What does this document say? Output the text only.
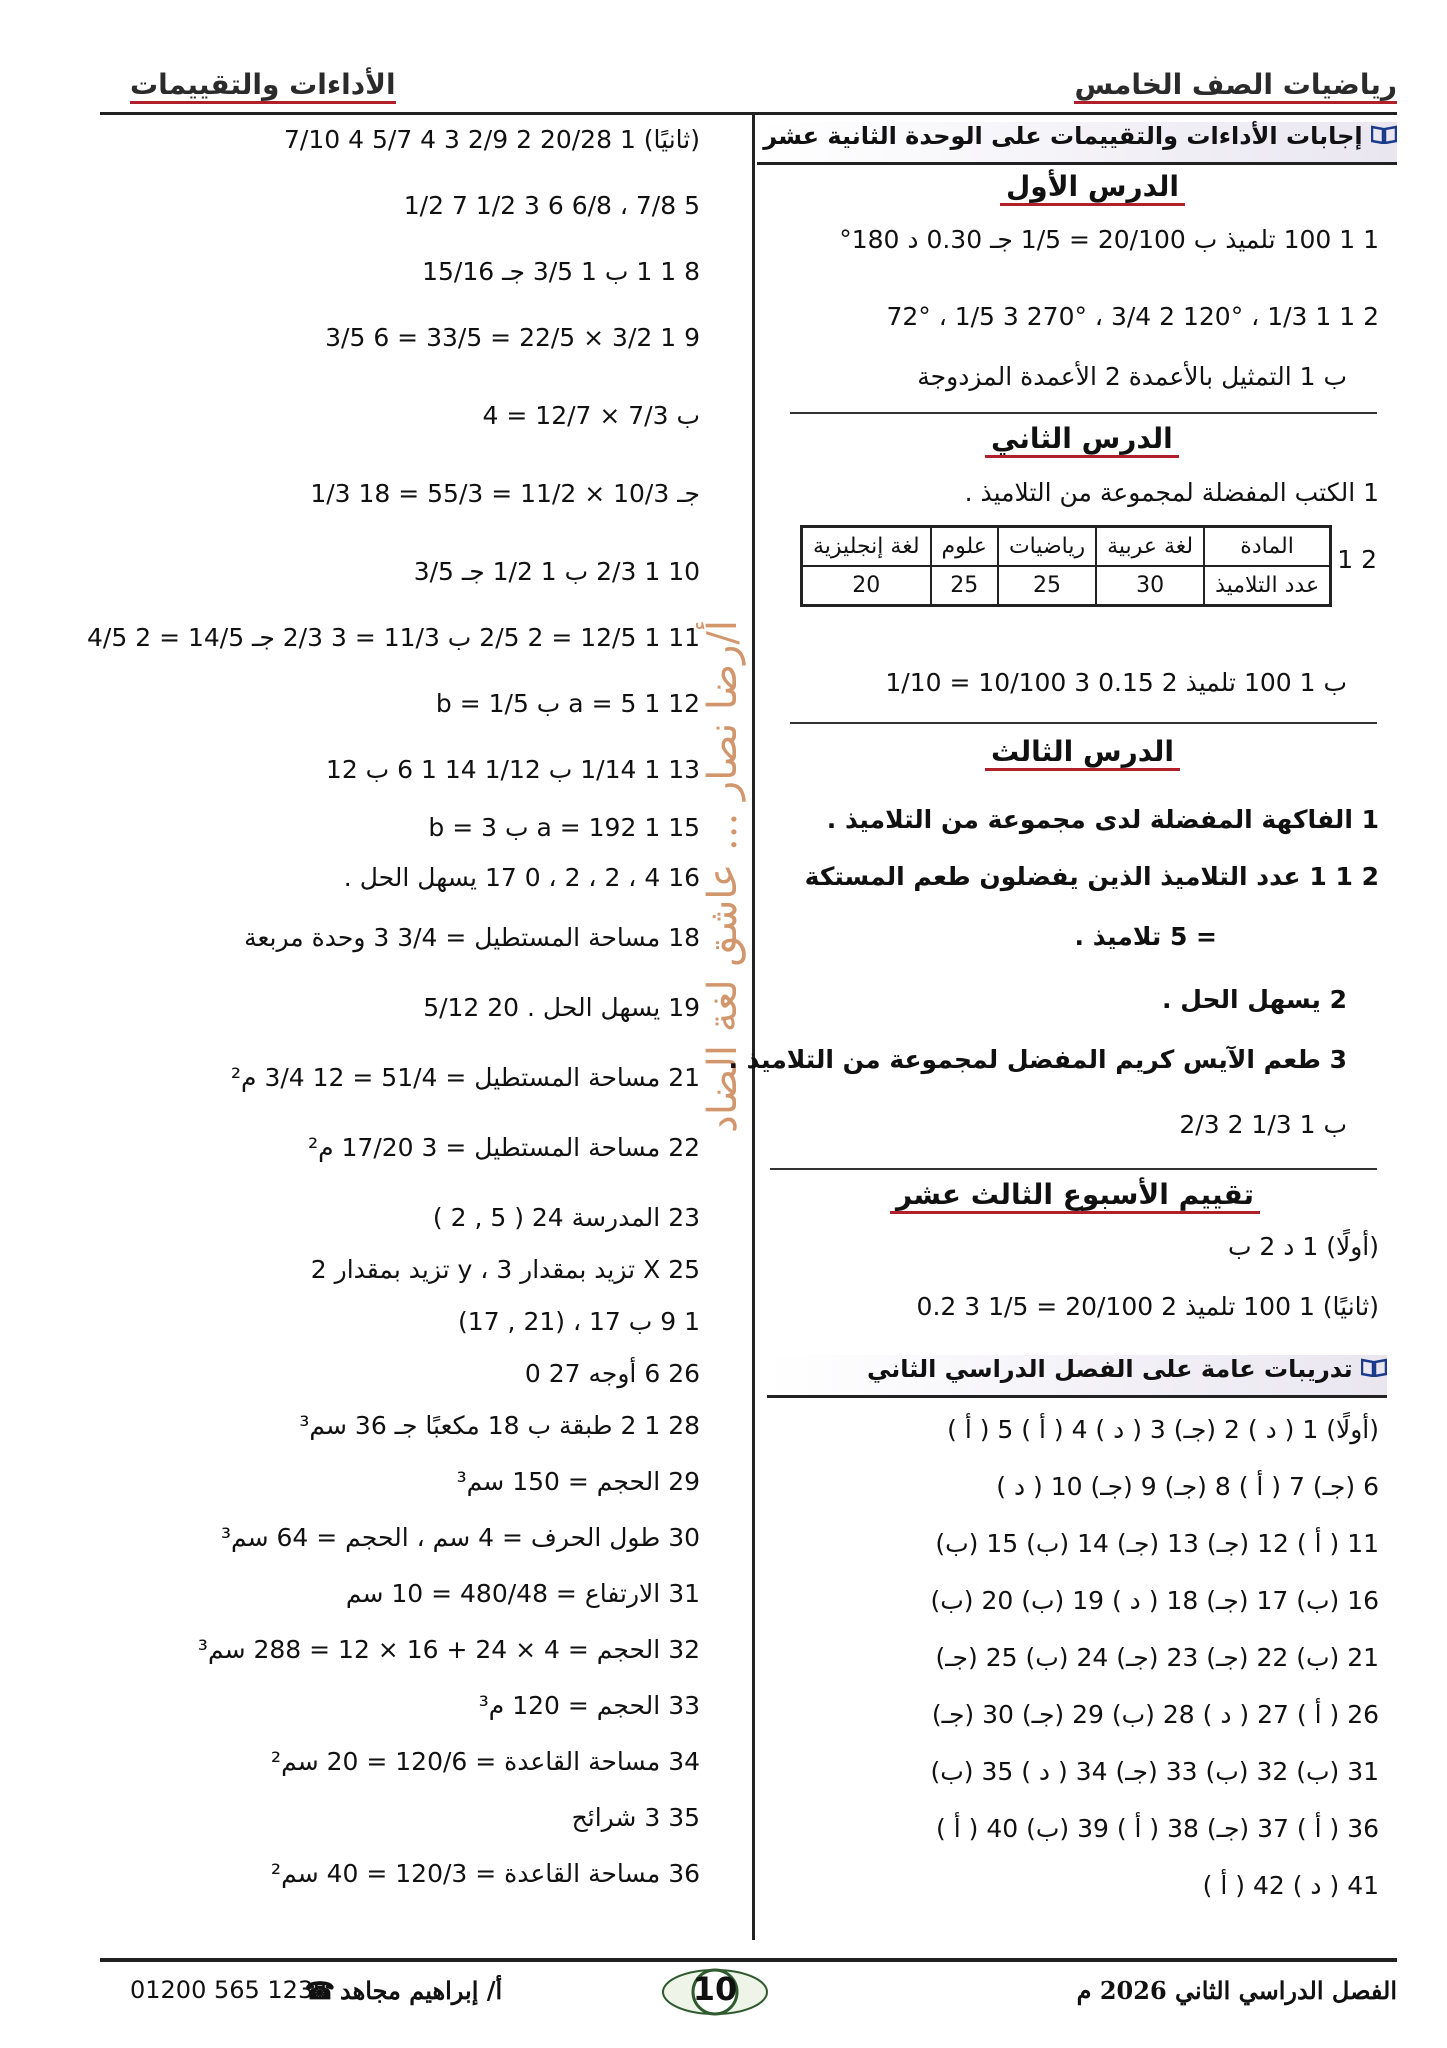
الأداءات والتقييمات	رياضيات الصف الخامس
أ/رضا نصار ... عاشق لغة الضاد
إجابات الأداءات والتقييمات على الوحدة الثانية عشر
الدرس الأول
1 1 100 تلميذ ب 20/100 = 1/5 جـ 0.30 د 180°
2 1 1 1/3 ، 120° 2 3/4 ، 270° 3 1/5 ، 72°
ب 1 التمثيل بالأعمدة 2 الأعمدة المزدوجة
الدرس الثاني
1 الكتب المفضلة لمجموعة من التلاميذ .
2 1
المادة	لغة عربية	رياضيات	علوم	لغة إنجليزية
عدد التلاميذ	30	25	25	20
ب 1 100 تلميذ 2 0.15 3 10/100 = 1/10
الدرس الثالث
1 الفاكهة المفضلة لدى مجموعة من التلاميذ .
2 1 1 عدد التلاميذ الذين يفضلون طعم المستكة
= 5 تلاميذ .
2 يسهل الحل .
3 طعم الآيس كريم المفضل لمجموعة من التلاميذ .
ب 1 1/3 2 2/3
تقييم الأسبوع الثالث عشر
(أولًا) 1 د 2 ب
(ثانيًا) 1 100 تلميذ 2 20/100 = 1/5 3 0.2
تدريبات عامة على الفصل الدراسي الثاني
(أولًا) 1 ( د ) 2 (جـ) 3 ( د ) 4 ( أ ) 5 ( أ )
6 (جـ) 7 ( أ ) 8 (جـ) 9 (جـ) 10 ( د )
11 ( أ ) 12 (جـ) 13 (جـ) 14 (ب) 15 (ب)
16 (ب) 17 (جـ) 18 ( د ) 19 (ب) 20 (ب)
21 (ب) 22 (جـ) 23 (جـ) 24 (ب) 25 (جـ)
26 ( أ ) 27 ( د ) 28 (ب) 29 (جـ) 30 (جـ)
31 (ب) 32 (ب) 33 (جـ) 34 ( د ) 35 (ب)
36 ( أ ) 37 (جـ) 38 ( أ ) 39 (ب) 40 ( أ )
41 ( د ) 42 ( أ )
(ثانيًا) 1 20/28 2 2/9 3 4 5/7 4 7/10
5 7/8 ، 6/8 6 3 1/2 7 1/2
8 1 1 ب 1 3/5 جـ 15/16
9 1 3/2 × 22/5 = 33/5 = 6 3/5
ب 7/3 × 12/7 = 4
جـ 10/3 × 11/2 = 55/3 = 18 1/3
10 1 2/3 ب 1 1/2 جـ 3/5
11 1 12/5 = 2 2/5 ب 11/3 = 3 2/3 جـ 14/5 = 2 4/5
12 1 a = 5 ب b = 1/5
13 1 1/14 ب 1/12 14 1 6 ب 12
15 1 a = 192 ب b = 3
16 4 ، 2 ، 2 ، 0 17 يسهل الحل .
18 مساحة المستطيل = 3/4 3 وحدة مربعة
19 يسهل الحل . 20 5/12
21 مساحة المستطيل = 51/4 = 12 3/4 م²
22 مساحة المستطيل = 3 17/20 م²
23 المدرسة 24 ( 5 , 2 )
25 X تزيد بمقدار 3 ، y تزيد بمقدار 2
1 9 ب 17 ، (21 , 17)
26 6 أوجه 27 0
28 1 2 طبقة ب 18 مكعبًا جـ 36 سم³
29 الحجم = 150 سم³
30 طول الحرف = 4 سم ، الحجم = 64 سم³
31 الارتفاع = 480/48 = 10 سم
32 الحجم = 4 × 24 + 16 × 12 = 288 سم³
33 الحجم = 120 م³
34 مساحة القاعدة = 120/6 = 20 سم²
35 3 شرائح
36 مساحة القاعدة = 120/3 = 40 سم²
الفصل الدراسي الثاني 2026 م
10
أ/ إبراهيم مجاهد
☎
01200 565 123
